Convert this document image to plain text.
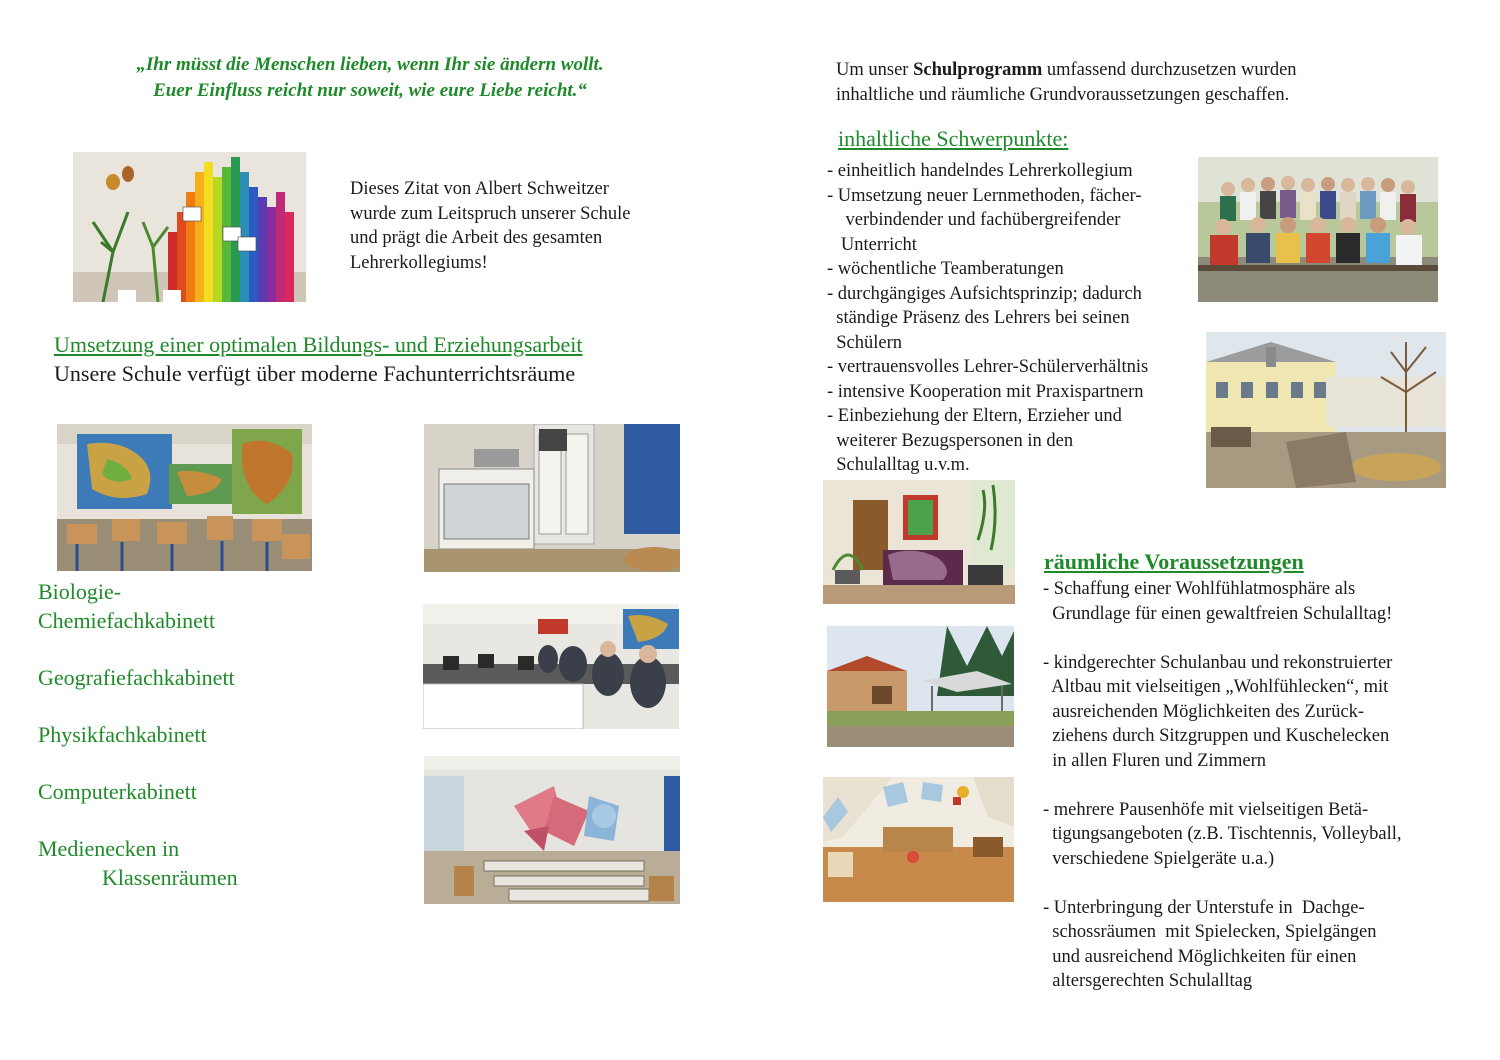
„Ihr müsst die Menschen lieben, wenn Ihr sie ändern wollt.
Euer Einfluss reicht nur soweit, wie eure Liebe reicht.“
Dieses Zitat von Albert Schweitzer
wurde zum Leitspruch unserer Schule
und prägt die Arbeit des gesamten
Lehrerkollegiums!
Umsetzung einer optimalen Bildungs- und Erziehungsarbeit
Unsere Schule verfügt über moderne Fachunterrichtsräume
Biologie-
Chemiefachkabinett
Geografiefachkabinett
Physikfachkabinett
Computerkabinett
Medienecken in
Klassenräumen
Um unser Schulprogramm umfassend durchzusetzen wurden
inhaltliche und räumliche Grundvoraussetzungen geschaffen.
inhaltliche Schwerpunkte:
- einheitlich handelndes Lehrerkollegium
- Umsetzung neuer Lernmethoden, fächer-
verbindender und fachübergreifender
Unterricht
- wöchentliche Teamberatungen
- durchgängiges Aufsichtsprinzip; dadurch
ständige Präsenz des Lehrers bei seinen
Schülern
- vertrauensvolles Lehrer-Schülerverhältnis
- intensive Kooperation mit Praxispartnern
- Einbeziehung der Eltern, Erzieher und
weiterer Bezugspersonen in den
Schulalltag u.v.m.
räumliche Voraussetzungen
- Schaffung einer Wohlfühlatmosphäre als
Grundlage für einen gewaltfreien Schulalltag!
- kindgerechter Schulanbau und rekonstruierter
Altbau mit vielseitigen „Wohlfühlecken“, mit
ausreichenden Möglichkeiten des Zurück-
ziehens durch Sitzgruppen und Kuschelecken
in allen Fluren und Zimmern
- mehrere Pausenhöfe mit vielseitigen Betä-
tigungsangeboten (z.B. Tischtennis, Volleyball,
verschiedene Spielgeräte u.a.)
- Unterbringung der Unterstufe in  Dachge-
schossräumen  mit Spielecken, Spielgängen
und ausreichend Möglichkeiten für einen
altersgerechten Schulalltag
